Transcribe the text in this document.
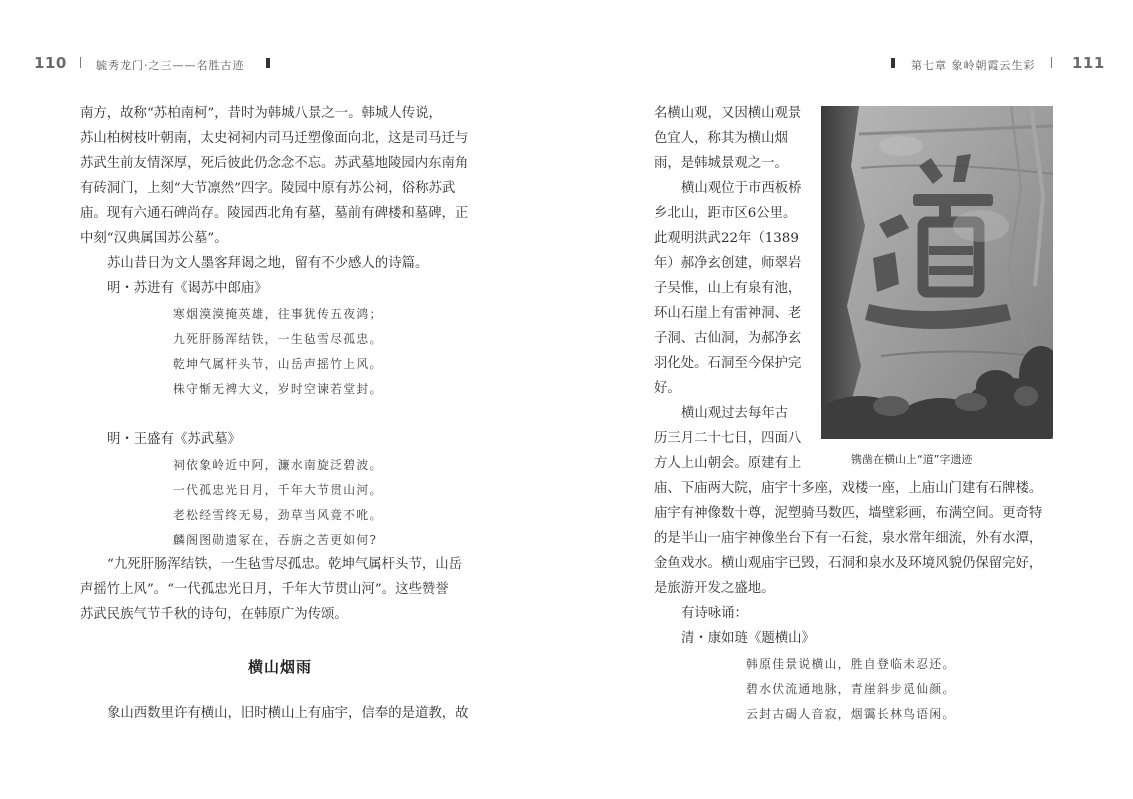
110	毓秀龙门·之三——名胜古迹
南方，故称“苏柏南柯”，昔时为韩城八景之一。韩城人传说，
苏山柏树枝叶朝南，太史祠祠内司马迁塑像面向北，这是司马迁与
苏武生前友情深厚，死后彼此仍念念不忘。苏武墓地陵园内东南角
有砖洞门，上刻“大节凛然”四字。陵园中原有苏公祠，俗称苏武
庙。现有六通石碑尚存。陵园西北角有墓，墓前有碑楼和墓碑，正
中刻“汉典属国苏公墓”。
苏山昔日为文人墨客拜谒之地，留有不少感人的诗篇。
明・苏进有《谒苏中郎庙》
寒烟漠漠掩英雄，往事犹传五夜鸿；
九死肝肠浑结铁，一生毡雪尽孤忠。
乾坤气属杆头节，山岳声摇竹上风。
株守惭无裨大义，岁时空谏若堂封。
明・王盛有《苏武墓》
祠依象岭近中阿，濂水南旋泛碧波。
一代孤忠光日月，千年大节贯山河。
老松经雪终无易，劲草当风竟不吪。
麟阁图勋遗冢在，吞旃之苦更如何?
“九死肝肠浑结铁，一生毡雪尽孤忠。乾坤气属杆头节，山岳
声摇竹上风”。“一代孤忠光日月，千年大节贯山河”。这些赞誉
苏武民族气节千秋的诗句，在韩原广为传颂。
横山烟雨
象山西数里许有横山，旧时横山上有庙宇，信奉的是道教，故
第七章 象岭朝霞云生彩 111
名横山观，又因横山观景
色宜人，称其为横山烟
雨，是韩城景观之一。
横山观位于市西板桥
乡北山，距市区6公里。
此观明洪武22年（1389
年）郝净玄创建，师翠岩
子吴惟，山上有泉有池，
环山石崖上有雷神洞、老
子洞、古仙洞，为郝净玄
羽化处。石洞至今保护完
好。
横山观过去每年古
历三月二十七日，四面八
方人上山朝会。原建有上	镌凿在横山上“道”字遗迹
庙、下庙两大院，庙宇十多座，戏楼一座，上庙山门建有石牌楼。
庙宇有神像数十尊，泥塑骑马数匹，墙壁彩画，布满空间。更奇特
的是半山一庙宇神像坐台下有一石瓮，泉水常年细流，外有水潭，
金鱼戏水。横山观庙宇已毁，石洞和泉水及环境风貌仍保留完好，
是旅游开发之盛地。
有诗咏诵：
清・康如琏《题横山》
韩原佳景说横山，胜自登临未忍还。
碧水伏流通地脉，青崖斜步觅仙颜。
云封古碣人音寂，烟霭长林鸟语闲。
